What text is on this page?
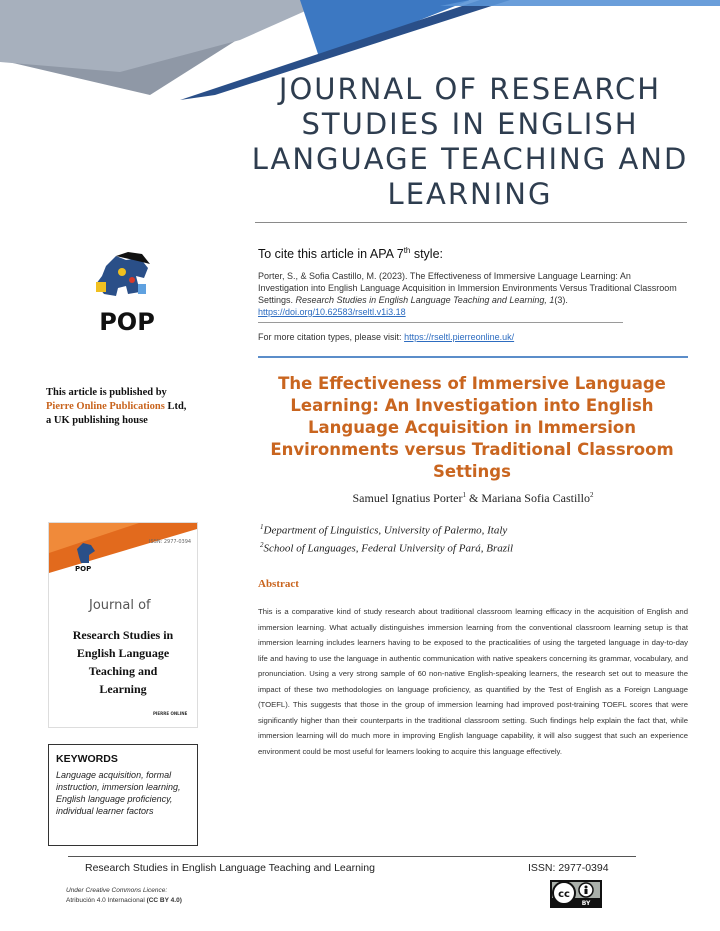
JOURNAL OF RESEARCH
STUDIES IN ENGLISH
LANGUAGE TEACHING AND
LEARNING
To cite this article in APA 7th style:
Porter, S., & Sofia Castillo, M. (2023). The Effectiveness of Immersive Language Learning: An Investigation into English Language Acquisition in Immersion Environments Versus Traditional Classroom Settings. Research Studies in English Language Teaching and Learning, 1(3). https://doi.org/10.62583/rseltl.v1i3.18
For more citation types, please visit: https://rseltl.pierreonline.uk/
POP
This article is published by
Pierre Online Publications Ltd,
a UK publishing house
POP
ISSN: 2977-0394
Published by:
Pierre Online Publications
Journal of
Research Studies in
English Language
Teaching and
Learning
PIERRE ONLINE
KEYWORDS
Language acquisition, formal instruction, immersion learning, English language proficiency, individual learner factors
The Effectiveness of Immersive Language
Learning: An Investigation into English
Language Acquisition in Immersion
Environments versus Traditional Classroom
Settings
Samuel Ignatius Porter$^1$ & Mariana Sofia Castillo$^2$
$^1$Department of Linguistics, University of Palermo, Italy
$^2$School of Languages, Federal University of Pará, Brazil
Abstract
This is a comparative kind of study research about traditional classroom learning efficacy in the acquisition of English and immersion learning. What actually distinguishes immersion learning from the conventional classroom learning setup is that immersion learning includes learners having to be exposed to the practicalities of using the targeted language in day-to-day life and having to use the language in authentic communication with native speakers concerning its grammar, vocabulary, and pronunciation. Using a very strong sample of 60 non-native English-speaking learners, the research set out to measure the impact of these two methodologies on language proficiency, as quantified by the Test of English as a Foreign Language (TOEFL). This suggests that those in the group of immersion learning had improved post-training TOEFL scores that were significantly higher than their counterparts in the traditional classroom setting. Such findings help explain the fact that, while immersion learning will do much more in improving English language capability, it will also suggest that such an experience environment could be most useful for learners looking to acquire this language effectively.
Research Studies in English Language Teaching and Learning	ISSN: 2977-0394
Under Creative Commons Licence:
Atribución 4.0 Internacional (CC BY 4.0)
cc
BY
